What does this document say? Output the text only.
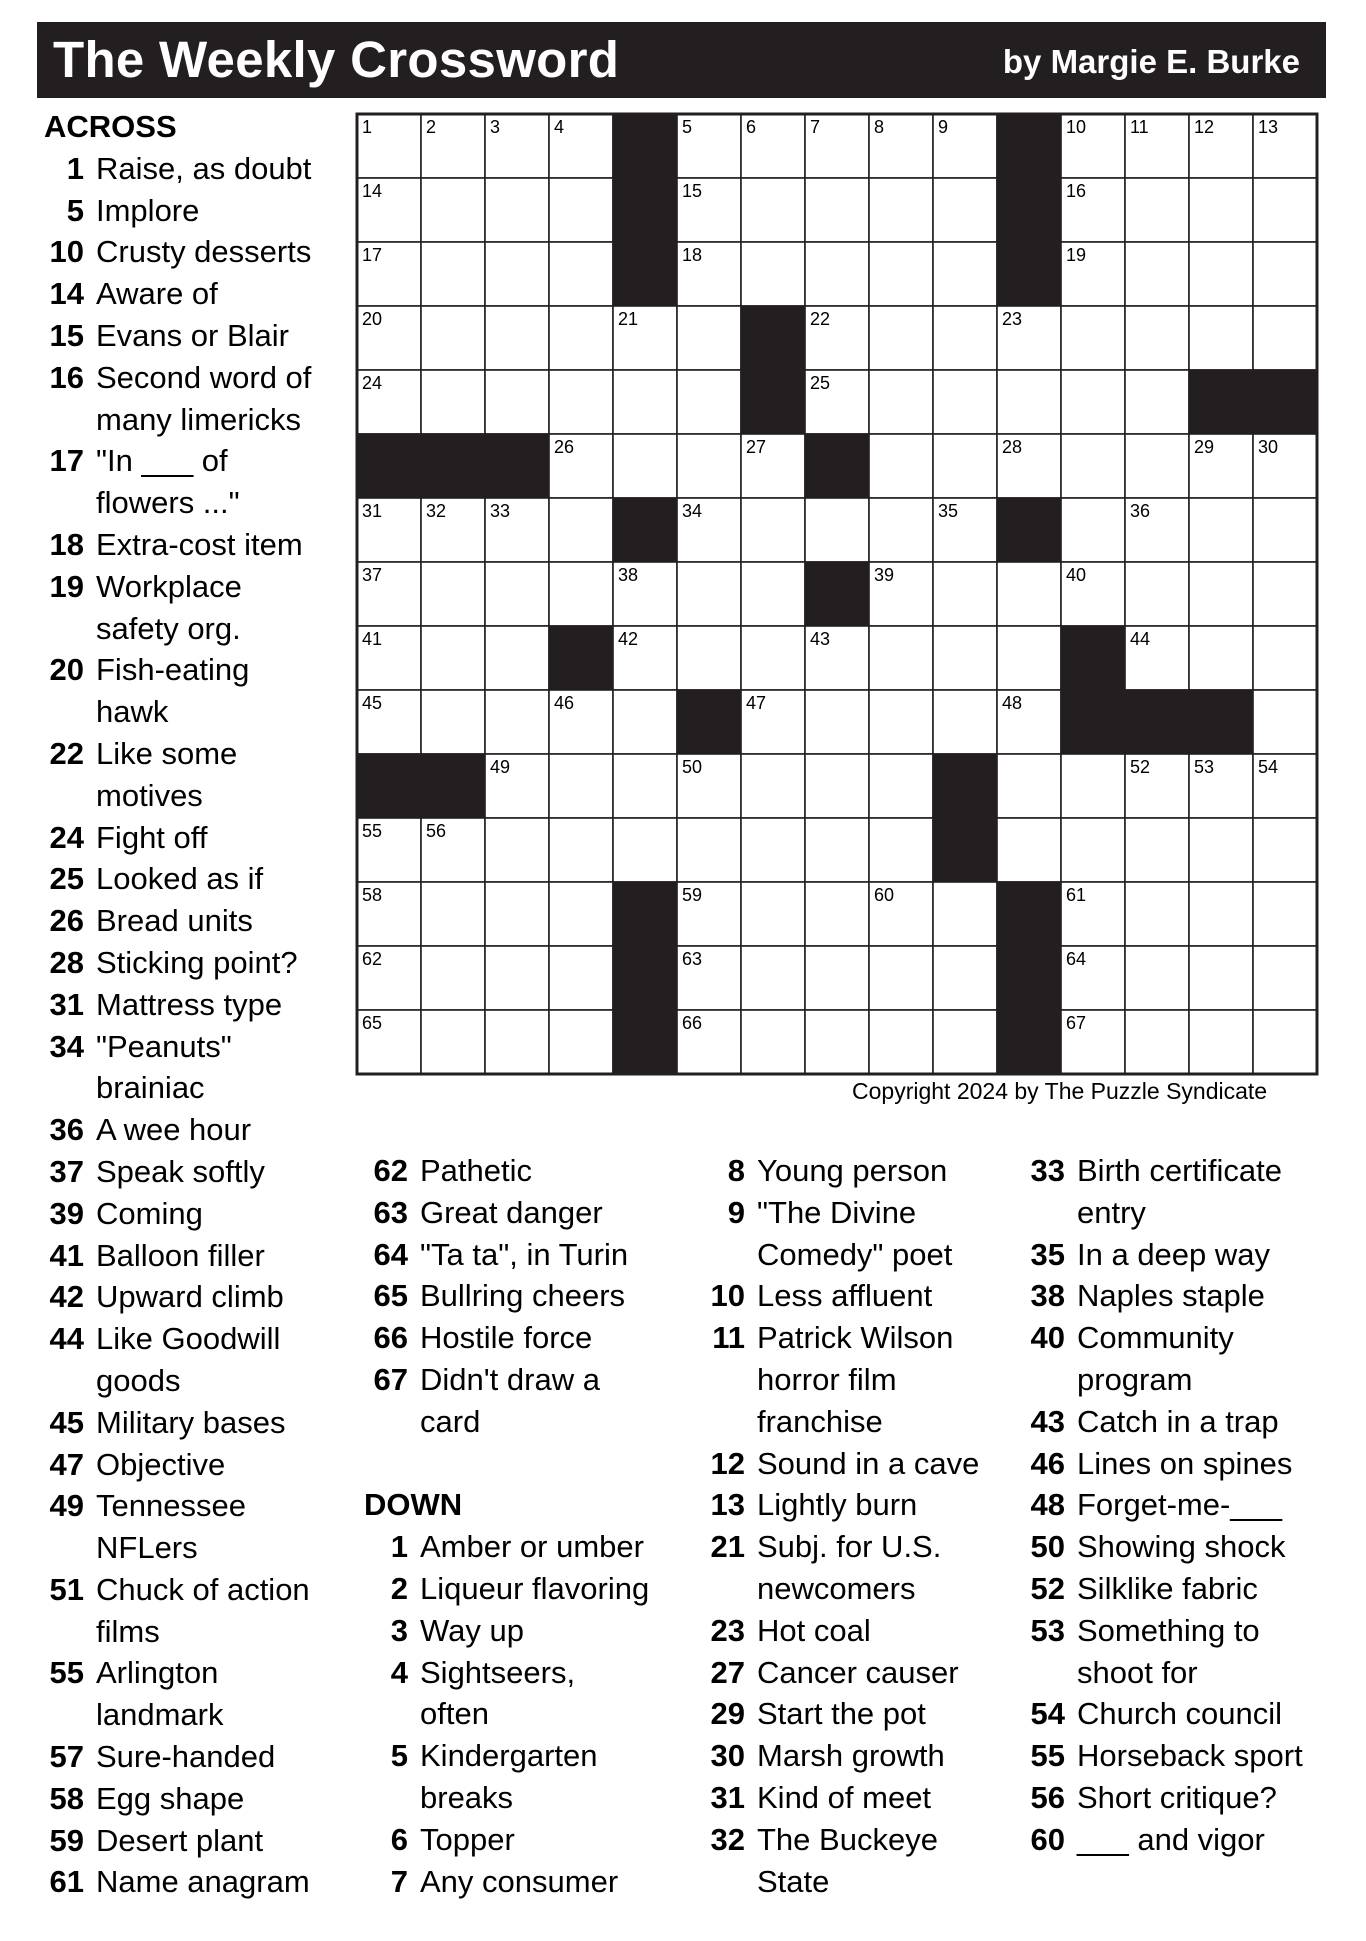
The Weekly Crossword	by Margie E. Burke
1	2	3	4	5	6	7	8	9	10 11	12 13
14	15	16
17	18	19
20	21	22	23
24	25
26	27	28	29 30
31 32 33	34	35	36
37	38	39	40
41	42	43	44
45	46	47	48
49	50	52 53 54
55 56
58	59	60	61
62	63	64
65	66	67
Copyright 2024 by The Puzzle Syndicate
ACROSS
1 Raise, as doubt
5 Implore
10 Crusty desserts
14 Aware of
15 Evans or Blair
16 Second word of
many limericks
17 "In ___ of
flowers ..."
18 Extra-cost item
19 Workplace
safety org.
20 Fish-eating
hawk
22 Like some
motives
24 Fight off
25 Looked as if
26 Bread units
28 Sticking point?
31 Mattress type
34 "Peanuts"
brainiac
36 A wee hour
37 Speak softly
39 Coming
41 Balloon filler
42 Upward climb
44 Like Goodwill
goods
45 Military bases
47 Objective
49 Tennessee
NFLers
51 Chuck of action
films
55 Arlington
landmark
57 Sure-handed
58 Egg shape
59 Desert plant
61 Name anagram
62 Pathetic
63 Great danger
64 "Ta ta", in Turin
65 Bullring cheers
66 Hostile force
67 Didn't draw a
card
DOWN
1 Amber or umber
2 Liqueur flavoring
3 Way up
4 Sightseers,
often
5 Kindergarten
breaks
6 Topper
7 Any consumer
8 Young person
9 "The Divine
Comedy" poet
10 Less affluent
11 Patrick Wilson
horror film
franchise
12 Sound in a cave
13 Lightly burn
21 Subj. for U.S.
newcomers
23 Hot coal
27 Cancer causer
29 Start the pot
30 Marsh growth
31 Kind of meet
32 The Buckeye
State
33 Birth certificate
entry
35 In a deep way
38 Naples staple
40 Community
program
43 Catch in a trap
46 Lines on spines
48 Forget-me-___
50 Showing shock
52 Silklike fabric
53 Something to
shoot for
54 Church council
55 Horseback sport
56 Short critique?
60 ___ and vigor
